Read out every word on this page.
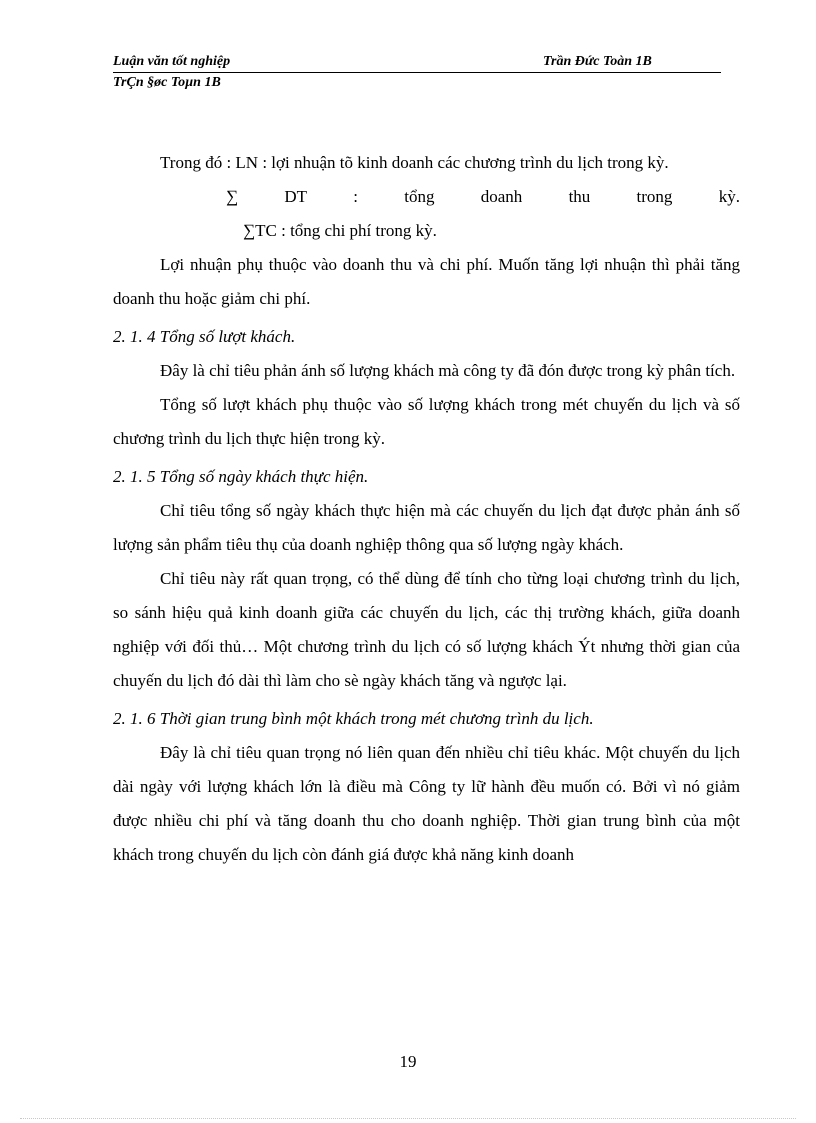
Luận văn tốt nghiệp	Trần Đức Toàn 1B
TrÇn §øc Toµn 1B

Trong đó : LN : lợi nhuận tõ kinh doanh các chương trình du lịch trong kỳ.

∑	DT	:	tổng	doanh	thu	trong	kỳ.

∑TC : tổng chi phí trong kỳ.

Lợi nhuận phụ thuộc vào doanh thu và chi phí. Muốn tăng lợi nhuận thì phải tăng doanh thu hoặc giảm chi phí.

2. 1. 4 Tổng số lượt khách.

Đây là chỉ tiêu phản ánh số lượng khách mà công ty đã đón được trong kỳ phân tích.

Tổng số lượt khách phụ thuộc vào số lượng khách trong mét chuyến du lịch và số chương trình du lịch thực hiện trong kỳ.

2. 1. 5 Tổng số ngày khách thực hiện.

Chỉ tiêu tổng số ngày khách thực hiện mà các chuyến du lịch đạt được phản ánh số lượng sản phẩm tiêu thụ của doanh nghiệp thông qua số lượng ngày khách.

Chỉ tiêu này rất quan trọng, có thể dùng để tính cho từng loại chương trình du lịch, so sánh hiệu quả kinh doanh giữa các chuyến du lịch, các thị trường khách, giữa doanh nghiệp với đối thủ… Một chương trình du lịch có số lượng khách Ýt nhưng thời gian của chuyến du lịch đó dài thì làm cho sè ngày khách tăng và ngược lại.

2. 1. 6 Thời gian trung bình một khách trong mét chương trình du lịch.

Đây là chỉ tiêu quan trọng nó liên quan đến nhiều chỉ tiêu khác. Một chuyến du lịch dài ngày với lượng khách lớn là điều mà Công ty lữ hành đều muốn có. Bởi vì nó giảm được nhiều chi phí và tăng doanh thu cho doanh nghiệp. Thời gian trung bình của một khách trong chuyến du lịch còn đánh giá được khả năng kinh doanh

19
